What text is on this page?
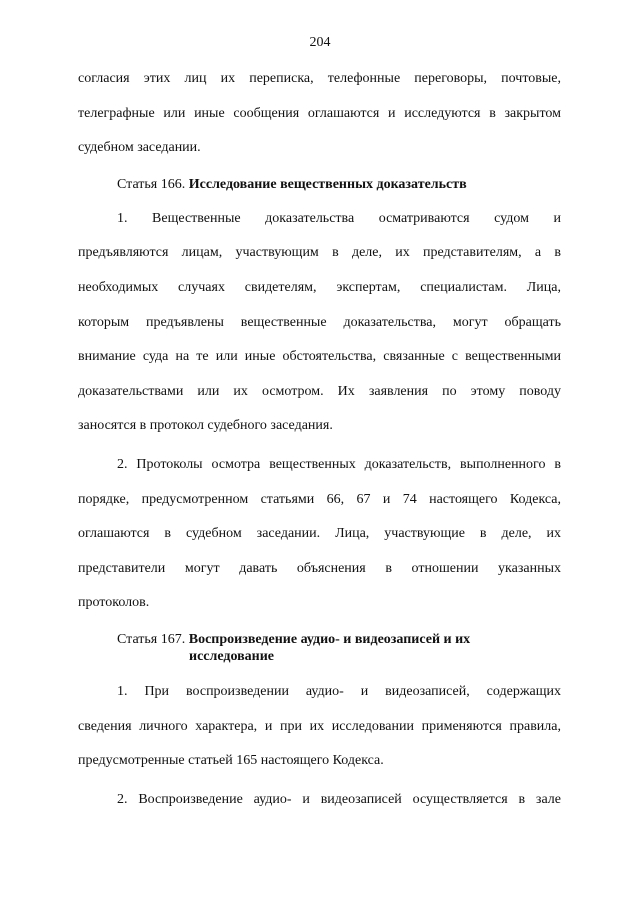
204
согласия этих лиц их переписка, телефонные переговоры, почтовые,
телеграфные или иные сообщения оглашаются и исследуются в закрытом
судебном заседании.
Статья 166. Исследование вещественных доказательств
1. Вещественные доказательства осматриваются судом и
предъявляются лицам, участвующим в деле, их представителям, а в
необходимых случаях свидетелям, экспертам, специалистам. Лица,
которым предъявлены вещественные доказательства, могут обращать
внимание суда на те или иные обстоятельства, связанные с вещественными
доказательствами или их осмотром. Их заявления по этому поводу
заносятся в протокол судебного заседания.
2. Протоколы осмотра вещественных доказательств, выполненного в
порядке, предусмотренном статьями 66, 67 и 74 настоящего Кодекса,
оглашаются в судебном заседании. Лица, участвующие в деле, их
представители могут давать объяснения в отношении указанных
протоколов.
Статья 167. Воспроизведение аудио- и видеозаписей и их
исследование
1. При воспроизведении аудио- и видеозаписей, содержащих
сведения личного характера, и при их исследовании применяются правила,
предусмотренные статьей 165 настоящего Кодекса.
2. Воспроизведение аудио- и видеозаписей осуществляется в зале
